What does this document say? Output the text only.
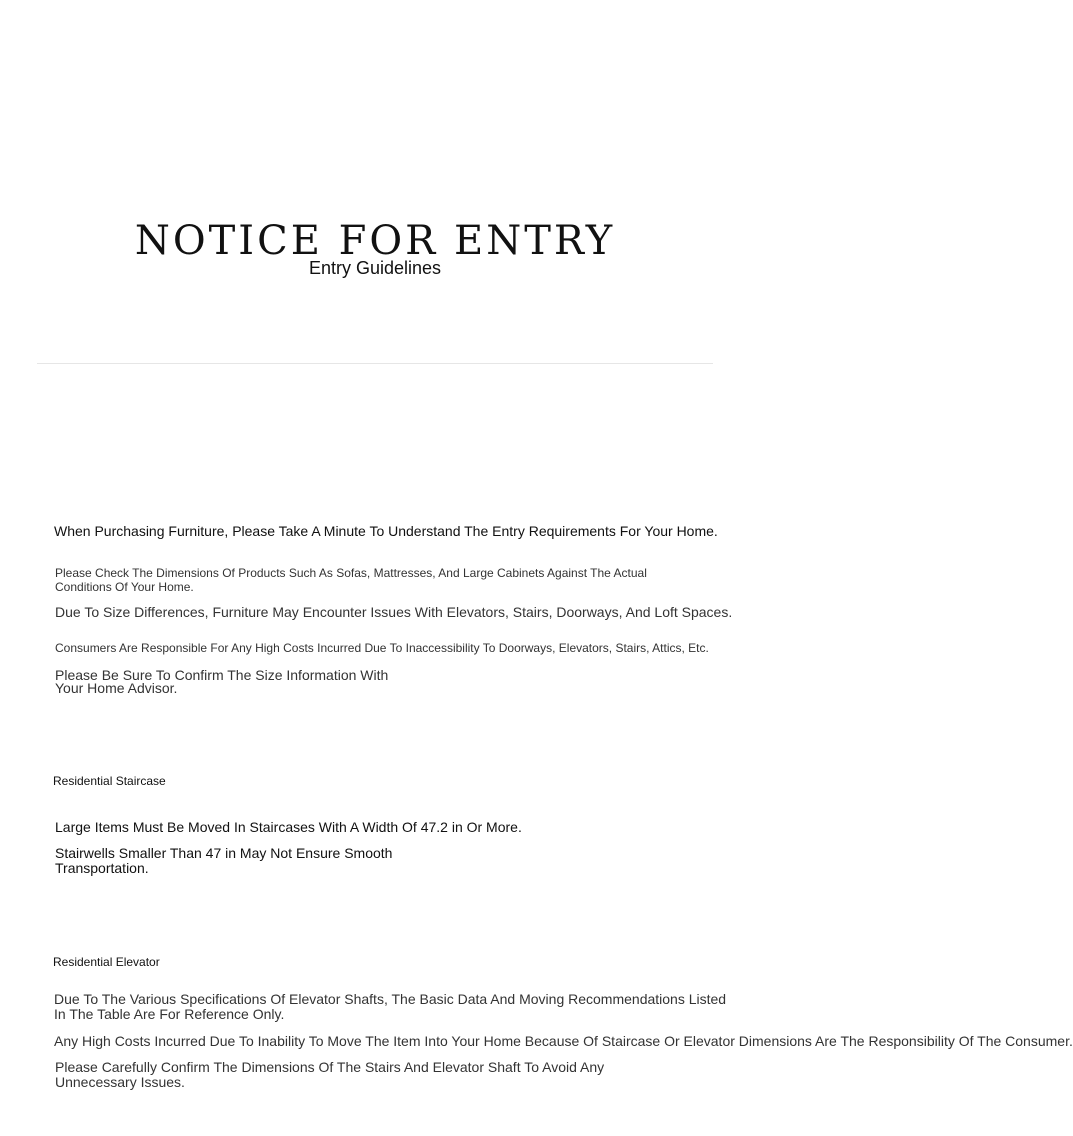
NOTICE FOR ENTRY
Entry Guidelines
When Purchasing Furniture, Please Take A Minute To Understand The Entry Requirements For Your Home.
Please Check The Dimensions Of Products Such As Sofas, Mattresses, And Large Cabinets Against The Actual Conditions Of Your Home.
Due To Size Differences, Furniture May Encounter Issues With Elevators, Stairs, Doorways, And Loft Spaces.
Consumers Are Responsible For Any High Costs Incurred Due To Inaccessibility To Doorways, Elevators, Stairs, Attics, Etc.
Please Be Sure To Confirm The Size Information With Your Home Advisor.
Residential Staircase
Large Items Must Be Moved In Staircases With A Width Of 47.2 in Or More.
Stairwells Smaller Than 47 in May Not Ensure Smooth Transportation.
Residential Elevator
Due To The Various Specifications Of Elevator Shafts, The Basic Data And Moving Recommendations Listed In The Table Are For Reference Only.
Any High Costs Incurred Due To Inability To Move The Item Into Your Home Because Of Staircase Or Elevator Dimensions Are The Responsibility Of The Consumer.
Please Carefully Confirm The Dimensions Of The Stairs And Elevator Shaft To Avoid Any Unnecessary Issues.
